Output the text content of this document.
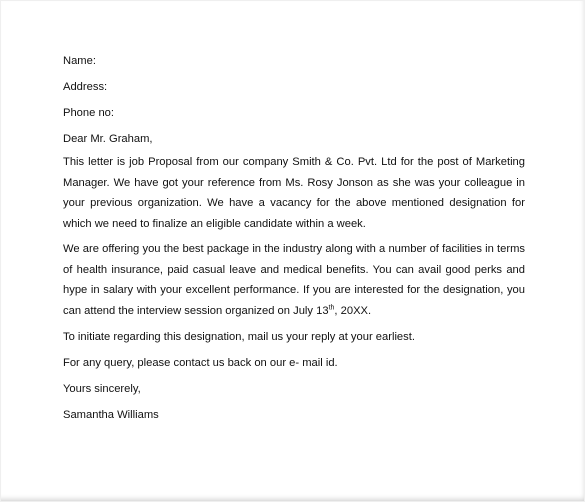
Name:

Address:

Phone no:

Dear Mr. Graham,

This letter is job Proposal from our company Smith & Co. Pvt. Ltd for the post of Marketing Manager. We have got your reference from Ms. Rosy Jonson as she was your colleague in your previous organization. We have a vacancy for the above mentioned designation for which we need to finalize an eligible candidate within a week.

We are offering you the best package in the industry along with a number of facilities in terms of health insurance, paid casual leave and medical benefits. You can avail good perks and hype in salary with your excellent performance. If you are interested for the designation, you can attend the interview session organized on July 13th, 20XX.

To initiate regarding this designation, mail us your reply at your earliest.

For any query, please contact us back on our e- mail id.

Yours sincerely,

Samantha Williams
